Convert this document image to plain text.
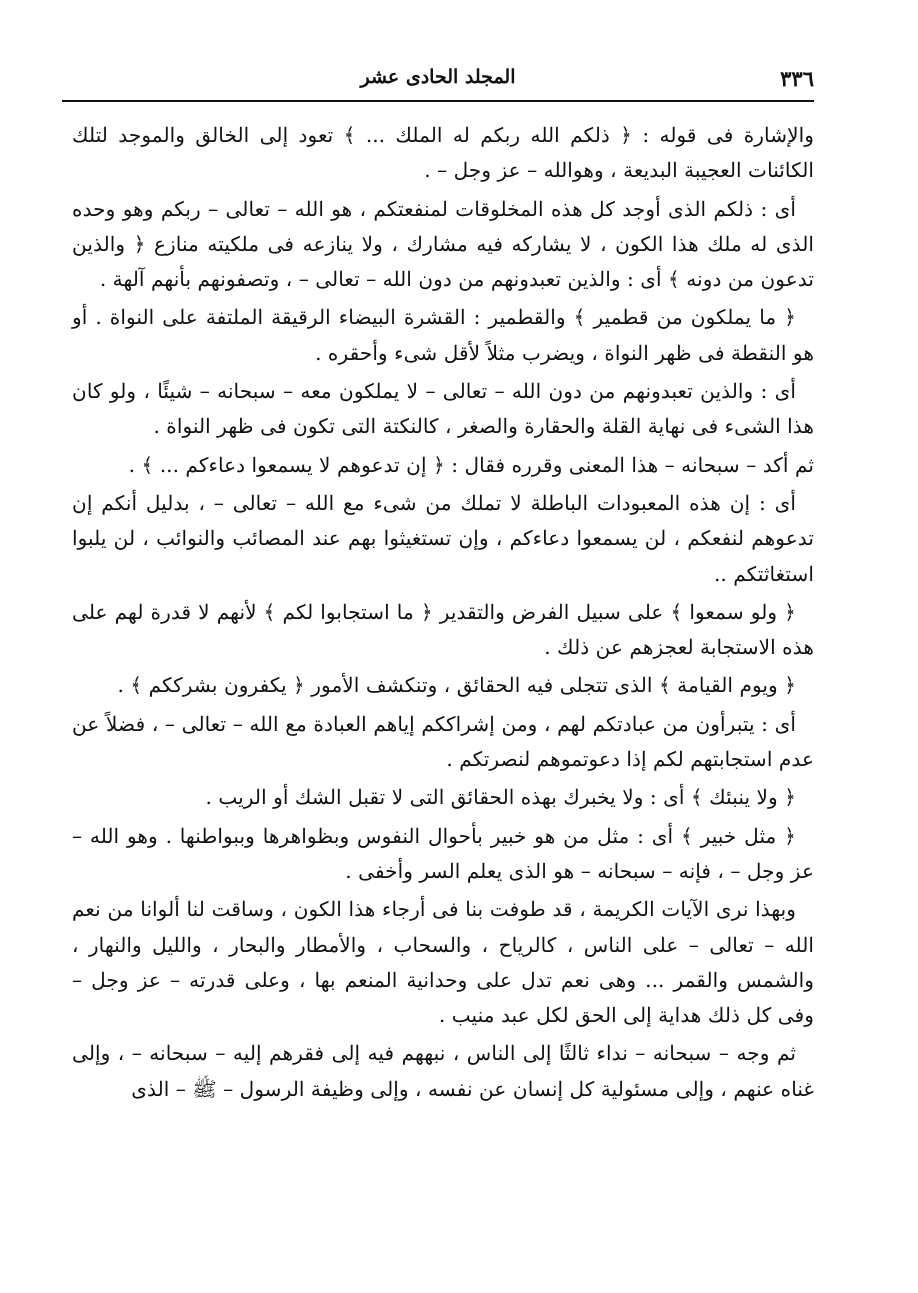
٣٣٦
المجلد الحادى عشر

والإشارة فى قوله : ﴿ ذلكم الله ربكم له الملك ... ﴾ تعود إلى الخالق والموجد لتلك الكائنات العجيبة البديعة ، وهوالله – عز وجل – .

أى : ذلكم الذى أوجد كل هذه المخلوقات لمنفعتكم ، هو الله – تعالى – ربكم وهو وحده الذى له ملك هذا الكون ، لا يشاركه فيه مشارك ، ولا ينازعه فى ملكيته منازع ﴿ والذين تدعون من دونه ﴾ أى : والذين تعبدونهم من دون الله – تعالى – ، وتصفونهم بأنهم آلهة .

﴿ ما يملكون من قطمير ﴾ والقطمير : القشرة البيضاء الرقيقة الملتفة على النواة . أو هو النقطة فى ظهر النواة ، ويضرب مثلاً لأقل شىء وأحقره .

أى : والذين تعبدونهم من دون الله – تعالى – لا يملكون معه – سبحانه – شيئًا ، ولو كان هذا الشىء فى نهاية القلة والحقارة والصغر ، كالنكتة التى تكون فى ظهر النواة .

ثم أكد – سبحانه – هذا المعنى وقرره فقال : ﴿ إن تدعوهم لا يسمعوا دعاءكم ... ﴾ .

أى : إن هذه المعبودات الباطلة لا تملك من شىء مع الله – تعالى – ، بدليل أنكم إن تدعوهم لنفعكم ، لن يسمعوا دعاءكم ، وإن تستغيثوا بهم عند المصائب والنوائب ، لن يلبوا استغاثتكم ..

﴿ ولو سمعوا ﴾ على سبيل الفرض والتقدير ﴿ ما استجابوا لكم ﴾ لأنهم لا قدرة لهم على هذه الاستجابة لعجزهم عن ذلك .

﴿ ويوم القيامة ﴾ الذى تتجلى فيه الحقائق ، وتنكشف الأمور ﴿ يكفرون بشرككم ﴾ .

أى : يتبرأون من عبادتكم لهم ، ومن إشراككم إياهم العبادة مع الله – تعالى – ، فضلاً عن عدم استجابتهم لكم إذا دعوتموهم لنصرتكم .

﴿ ولا ينبئك ﴾ أى : ولا يخبرك بهذه الحقائق التى لا تقبل الشك أو الريب .

﴿ مثل خبير ﴾ أى : مثل من هو خبير بأحوال النفوس وبظواهرها وببواطنها . وهو الله – عز وجل – ، فإنه – سبحانه – هو الذى يعلم السر وأخفى .

وبهذا نرى الآيات الكريمة ، قد طوفت بنا فى أرجاء هذا الكون ، وساقت لنا ألوانا من نعم الله – تعالى – على الناس ، كالرياح ، والسحاب ، والأمطار والبحار ، والليل والنهار ، والشمس والقمر ... وهى نعم تدل على وحدانية المنعم بها ، وعلى قدرته – عز وجل – وفى كل ذلك هداية إلى الحق لكل عبد منيب .

ثم وجه – سبحانه – نداء ثالثًا إلى الناس ، نبههم فيه إلى فقرهم إليه – سبحانه – ، وإلى غناه عنهم ، وإلى مسئولية كل إنسان عن نفسه ، وإلى وظيفة الرسول – ﷺ – الذى
